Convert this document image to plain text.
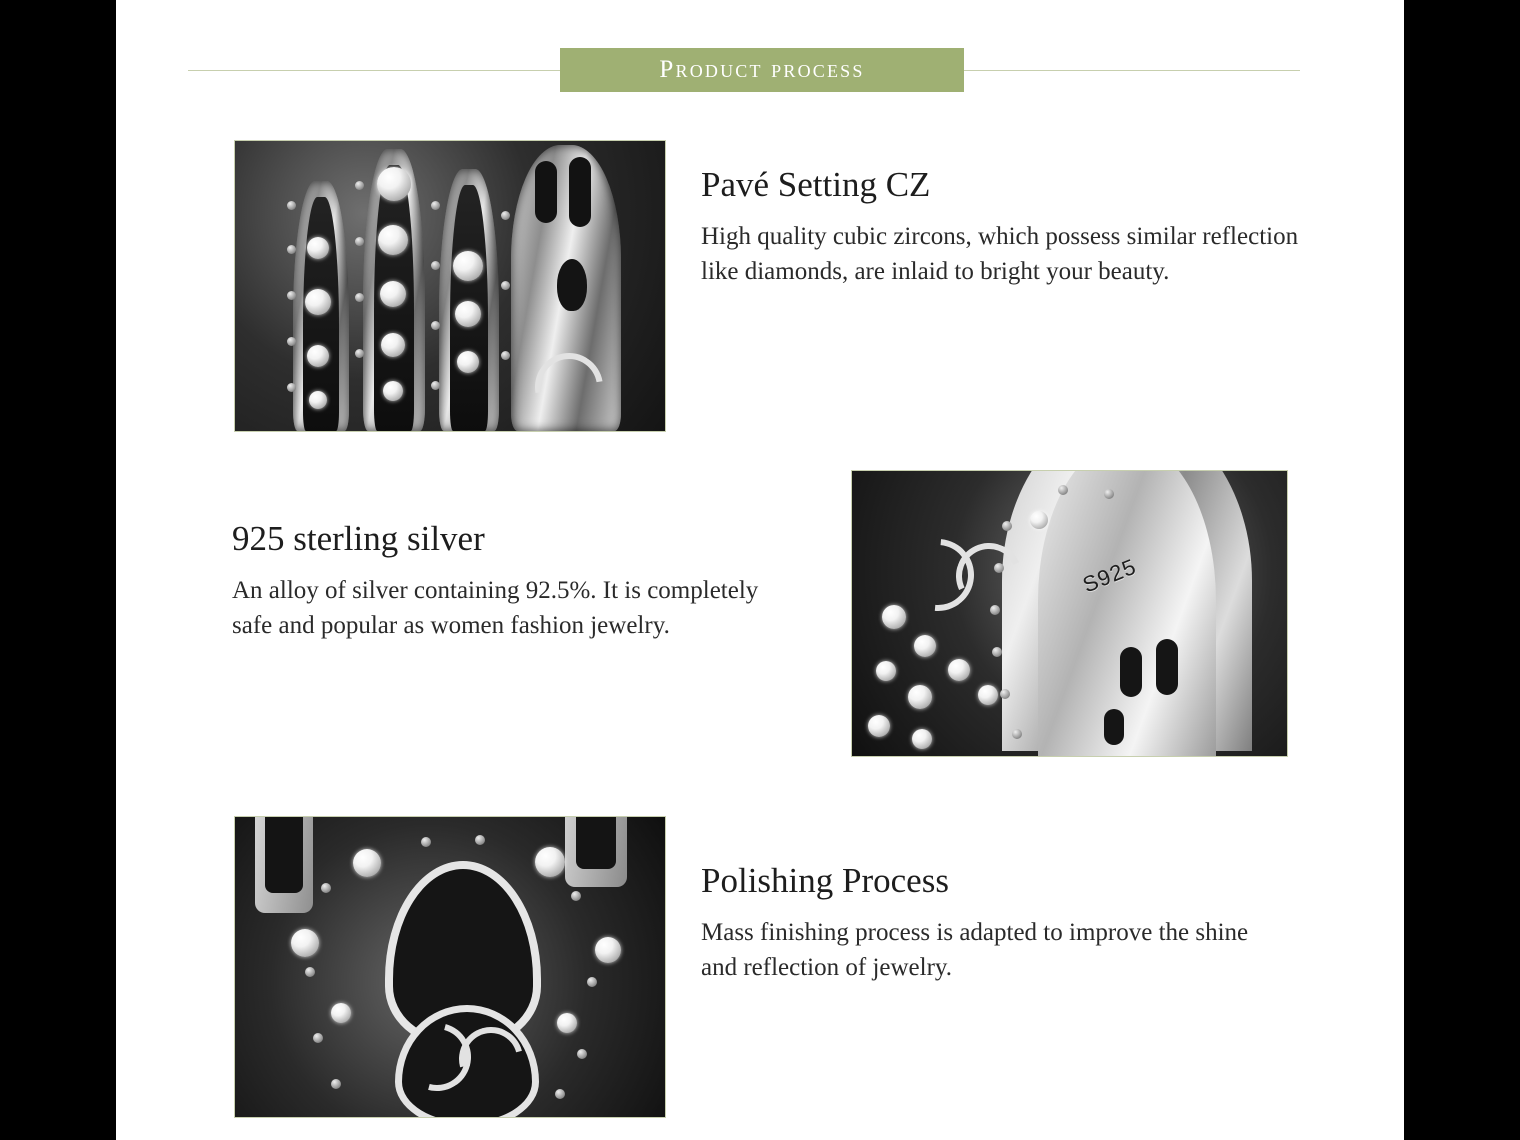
Product process
Pavé Setting CZ

High quality cubic zircons, which possess similar reflection like diamonds, are inlaid to bright your beauty.

925 sterling silver

An alloy of silver containing 92.5%. It is completely safe and popular as women fashion jewelry.

S925
Polishing Process

Mass finishing process is adapted to improve the shine and reflection of jewelry.
